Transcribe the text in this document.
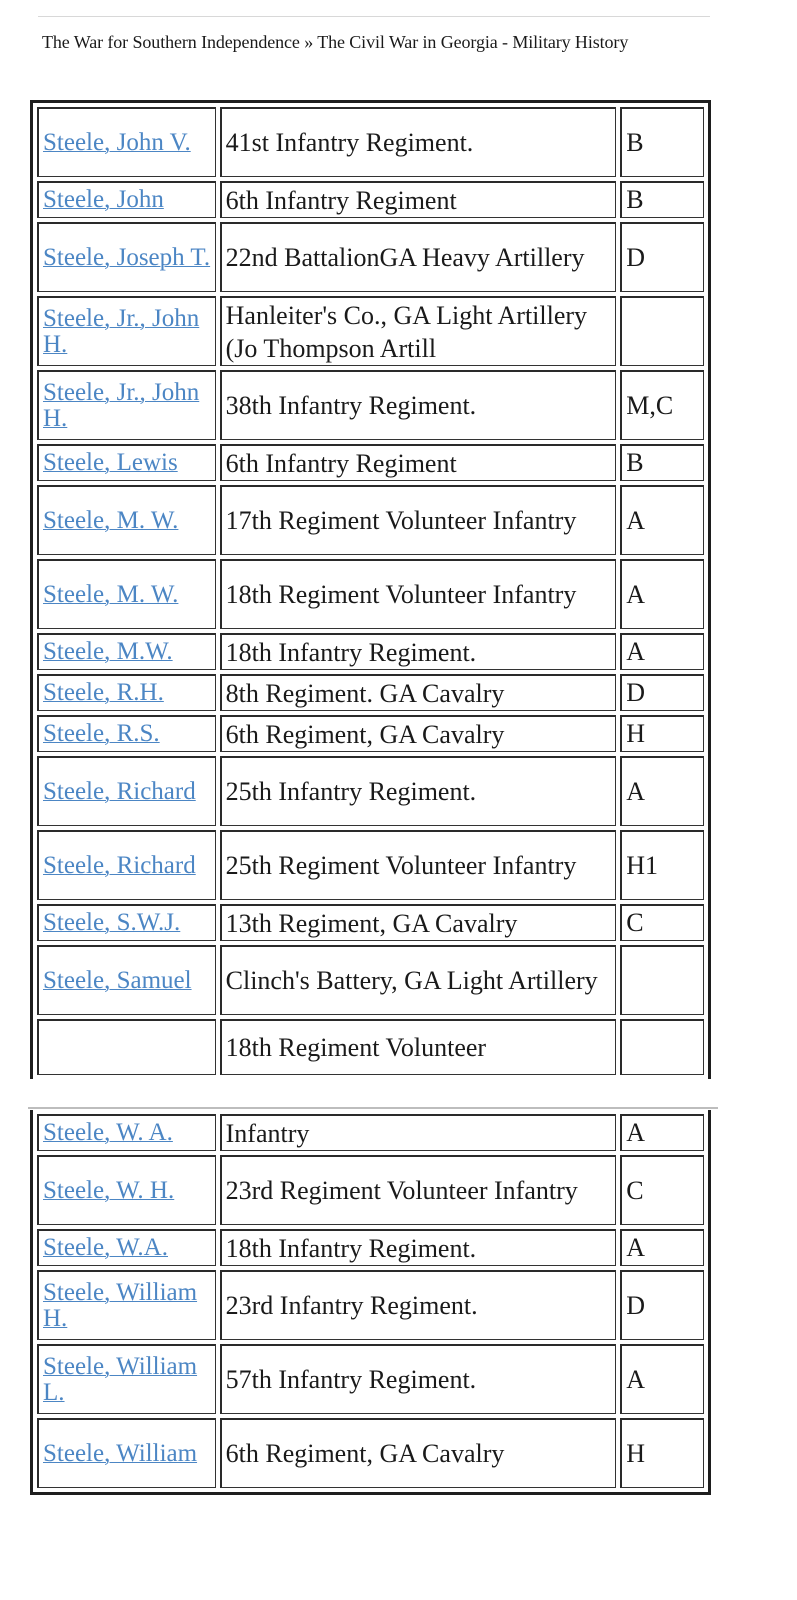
The War for Southern Independence » The Civil War in Georgia - Military History
Steele, John V.	41st Infantry Regiment.	B
Steele, John	6th Infantry Regiment	B
Steele, Joseph T.	22nd BattalionGA Heavy Artillery	D
Steele, Jr., John H.	Hanleiter's Co., GA Light Artillery (Jo Thompson Artill	
Steele, Jr., John H.	38th Infantry Regiment.	M,C
Steele, Lewis	6th Infantry Regiment	B
Steele, M. W.	17th Regiment Volunteer Infantry	A
Steele, M. W.	18th Regiment Volunteer Infantry	A
Steele, M.W.	18th Infantry Regiment.	A
Steele, R.H.	8th Regiment. GA Cavalry	D
Steele, R.S.	6th Regiment, GA Cavalry	H
Steele, Richard	25th Infantry Regiment.	A
Steele, Richard	25th Regiment Volunteer Infantry	H1
Steele, S.W.J.	13th Regiment, GA Cavalry	C
Steele, Samuel	Clinch's Battery, GA Light Artillery	
	18th Regiment Volunteer	
Steele, W. A.	Infantry	A
Steele, W. H.	23rd Regiment Volunteer Infantry	C
Steele, W.A.	18th Infantry Regiment.	A
Steele, William H.	23rd Infantry Regiment.	D
Steele, William L.	57th Infantry Regiment.	A
Steele, William	6th Regiment, GA Cavalry	H
